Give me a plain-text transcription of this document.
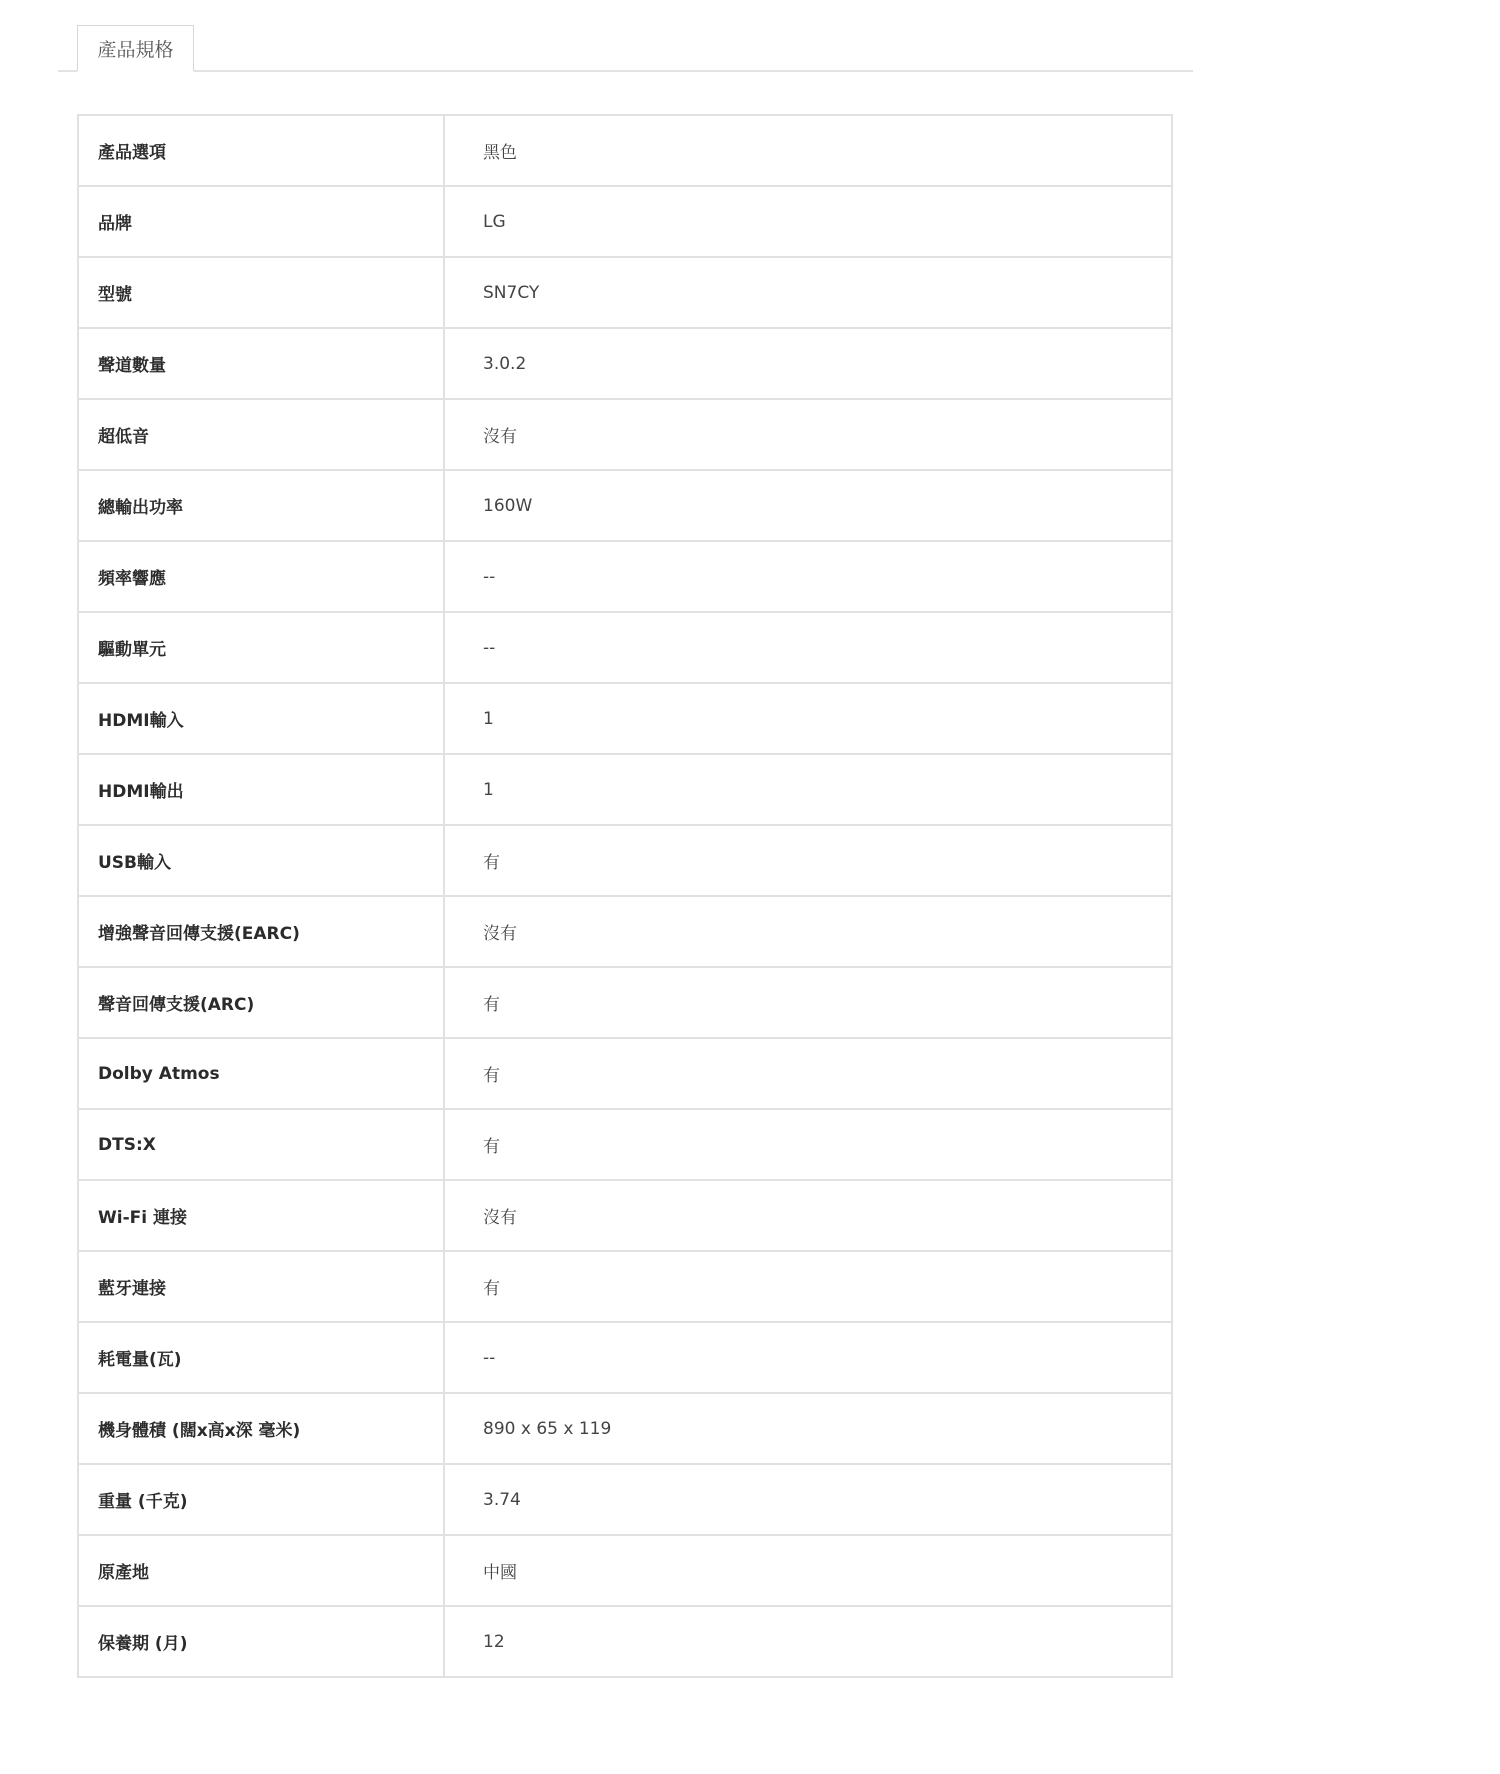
產品規格
產品選項	黑色
品牌	LG
型號	SN7CY
聲道數量	3.0.2
超低音	沒有
總輸出功率	160W
頻率響應	--
驅動單元	--
HDMI輸入	1
HDMI輸出	1
USB輸入	有
增強聲音回傳支援(EARC)	沒有
聲音回傳支援(ARC)	有
Dolby Atmos	有
DTS:X	有
Wi-Fi 連接	沒有
藍牙連接	有
耗電量(瓦)	--
機身體積 (闊x高x深 毫米)	890 x 65 x 119
重量 (千克)	3.74
原產地	中國
保養期 (月)	12
